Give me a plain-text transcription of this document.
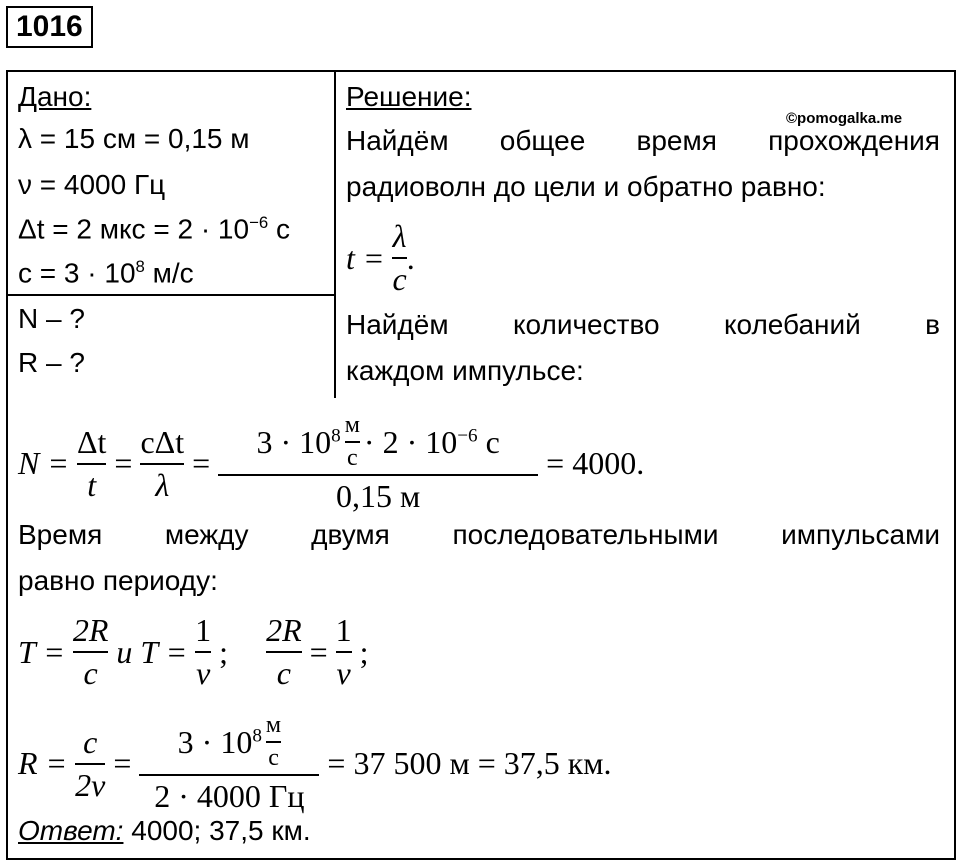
1016
Дано:
λ = 15 см = 0,15 м
ν = 4000 Гц
Δt = 2 мкс = $2 \cdot 10^{-6}$ с
$c = 3 \cdot 10^8$ м/с
N – ?
R – ?
Решение:
©pomogalka.me
Найдём общее время прохождения
радиоволн до цели и обратно равно:
$t = \frac{\lambda}{c}$ .
Найдём количество колебаний в
каждом импульсе:
$N = \frac{\Delta t}{t} = \frac{\text{cΔt}}{\lambda} = \frac{3 \cdot 10^8 \frac{м}{с} \cdot 2 \cdot 10^{-6} с}{0,15 м} = 4000$.
Время между двумя последовательными импульсами
равно периоду:
$T = \frac{2R}{c}$ и $T = \frac{1}{\nu}$ ; $\frac{2R}{c} = \frac{1}{\nu}$ ;
$R = \frac{c}{2\nu} = \frac{3 \cdot 10^8 \frac{м}{с}}{2 \cdot 4000 Гц} = 37$ 500 м = 37,5 км.
Ответ: 4000; 37,5 км.
